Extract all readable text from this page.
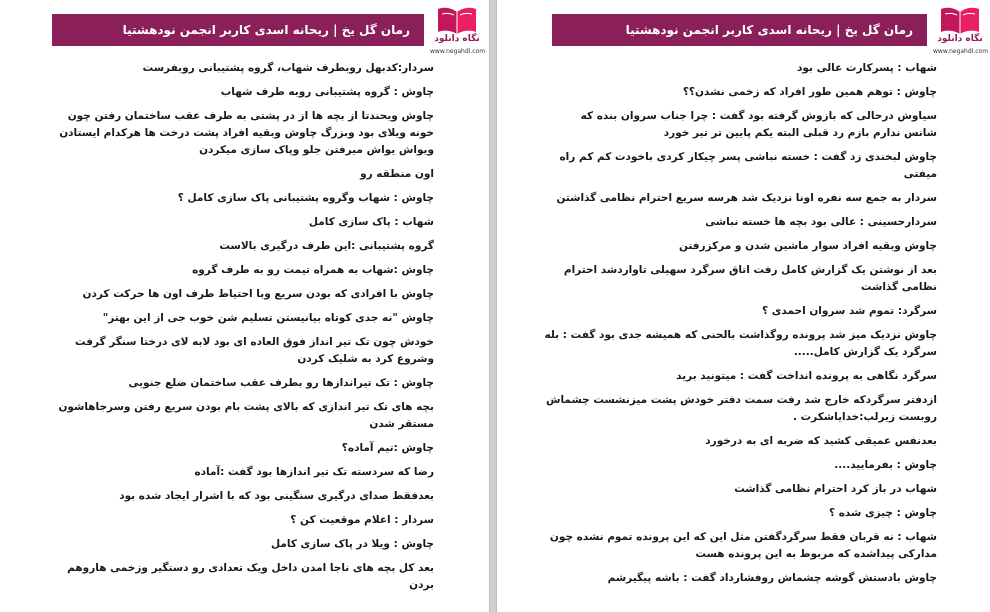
رمان گل یخ | ریحانه اسدی کاربر انجمن نودهشتیا
نگاه دانلود
www.negahdl.com

سردار:کدبهل روبطرف شهاب، گروه پشتیبانی روبفرست

چاوش : گروه پشتیبانی روبه طرف شهاب

چاوش ویحندتا از بچه ها از در پشتی به طرف عقب ساختمان رفتن چون خونه ویلای بود وبزرگ چاوش وبقیه افراد پشت درخت ها هرکدام ایستادن ویواش یواش میرفتن جلو وپاک سازی میکردن

اون منطقه رو

چاوش : شهاب وگروه پشتیبانی پاک سازی کامل ؟

شهاب : پاک سازی کامل

گروه پشتیبانی :این طرف درگیری بالاست

چاوش :شهاب به همراه تیمت رو به طرف گروه

چاوش با افرادی که بودن سریع وبا احتیاط طرف اون ها حرکت کردن

چاوش "نه جدی کوتاه بیانیستن تسلیم شن خوب جی از این بهتر"

خودش چون تک تیر انداز فوق العاده ای بود لابه لای درختا سنگر گرفت وشروع کرد به شلیک کردن

چاوش : تک تیراندازها رو بطرف عقب ساختمان ضلع جنوبی

بچه های تک تیر اندازی که بالای پشت بام بودن سریع رفتن وسرجاهاشون مستقر شدن

چاوش :تیم آماده؟

رضا که سردسته تک تیر اندازها بود گفت :آماده

بعدفقط صدای درگیری سنگینی بود که با اشرار ایجاد شده بود

سردار : اعلام موقعیت کن ؟

چاوش : ویلا در پاک سازی کامل

بعد کل بچه های ناجا امدن داخل ویک تعدادی رو دستگیر وزخمی هاروهم بردن

رمان گل یخ | ریحانه اسدی کاربر انجمن نودهشتیا
نگاه دانلود
www.negahdl.com

شهاب : پسرکارت عالی بود

چاوش : توهم همین طور افراد که زخمی نشدن؟؟

سیاوش درحالی که بازوش گرفته بود گفت : چرا جناب سروان بنده که شانس ندارم بازم رد قبلی البته یکم پایین تر تیر خورد

چاوش لبخندی زد گفت : خسته نباشی پسر چیکار کردی باخودت کم کم راه میفتی

سردار به جمع سه نفره اونا نزدیک شد هرسه سریع احترام نظامی گذاشتن

سردارحسینی : عالی بود بچه ها خسته نباشی

چاوش وبقیه افراد سوار ماشین شدن و مرکزرفتن

بعد از نوشتن یک گزارش کامل رفت اتاق سرگرد سهیلی تاواردشد احترام نظامی گذاشت

سرگرد: تموم شد سروان احمدی ؟

چاوش نزدیک میز شد پرونده روگذاشت بالحنی که همیشه جدی بود گفت : بله سرگرد یک گزارش کامل.....

سرگرد نگاهی به پرونده انداخت گفت : میتونید برید

ازدفتر سرگردکه خارج شد رفت سمت دفتر خودش پشت میزنشست چشماش روبست زیرلب:خدایاشکرت .

بعدنفس عمیقی کشید که ضربه ای به درخورد

چاوش : بفرمایید....

شهاب در باز کرد احترام نظامی گذاشت

چاوش : چیزی شده ؟

شهاب : نه قربان فقط سرگردگفتن مثل این که این پرونده تموم نشده چون مدارکی پیداشده که مربوط به این پرونده هست

چاوش بادستش گوشه چشماش روفشارداد گفت : باشه پیگیرشم
